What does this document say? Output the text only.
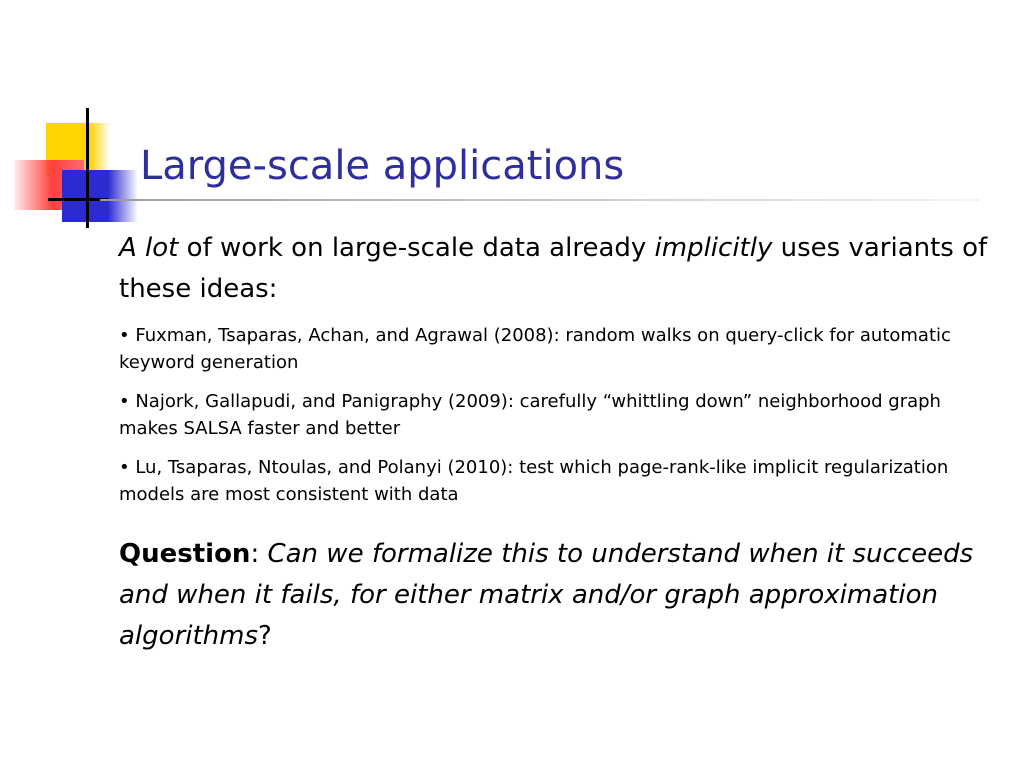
Large-scale applications

A lot of work on large-scale data already implicitly uses variants of these ideas:

• Fuxman, Tsaparas, Achan, and Agrawal (2008): random walks on query-click for automatic keyword generation

• Najork, Gallapudi, and Panigraphy (2009): carefully “whittling down” neighborhood graph makes SALSA faster and better

• Lu, Tsaparas, Ntoulas, and Polanyi (2010): test which page-rank-like implicit regularization models are most consistent with data

Question: Can we formalize this to understand when it succeeds and when it fails, for either matrix and/or graph approximation algorithms?
